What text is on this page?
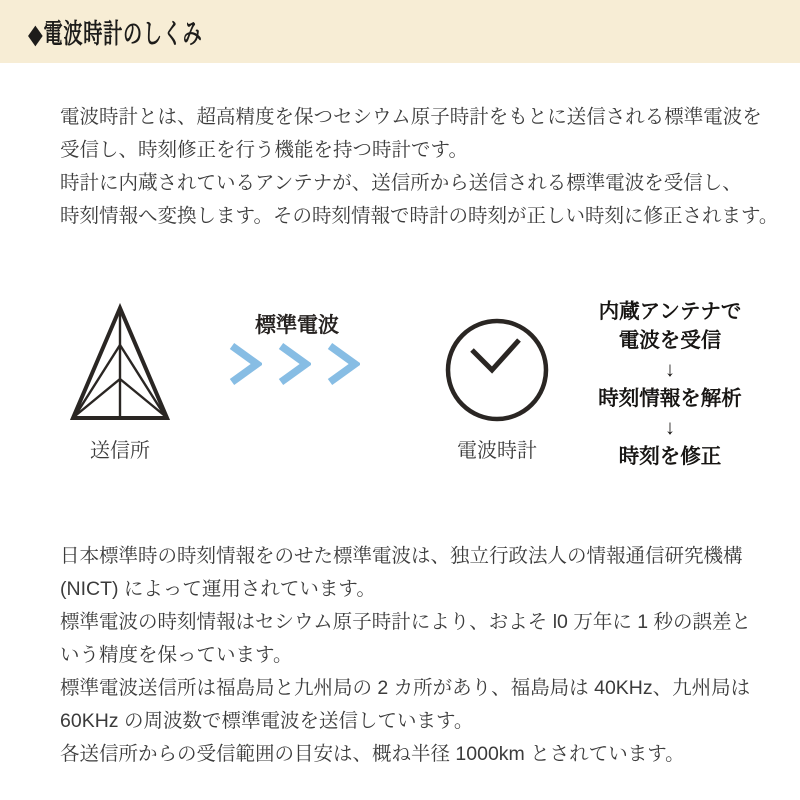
◆電波時計のしくみ

電波時計とは、超高精度を保つセシウム原子時計をもとに送信される標準電波を

受信し、時刻修正を行う機能を持つ時計です。

時計に内蔵されているアンテナが、送信所から送信される標準電波を受信し、

時刻情報へ変換します。その時刻情報で時計の時刻が正しい時刻に修正されます。

送信所
標準電波
電波時計
内蔵アンテナで
電波を受信
↓
時刻情報を解析
↓
時刻を修正

日本標準時の時刻情報をのせた標準電波は、独立行政法人の情報通信研究機構

(NICT) によって運用されています。

標準電波の時刻情報はセシウム原子時計により、およそ l0 万年に 1 秒の誤差と

いう精度を保っています。

標準電波送信所は福島局と九州局の 2 カ所があり、福島局は 40KHz、九州局は

60KHz の周波数で標準電波を送信しています。

各送信所からの受信範囲の目安は、概ね半径 1000km とされています。
